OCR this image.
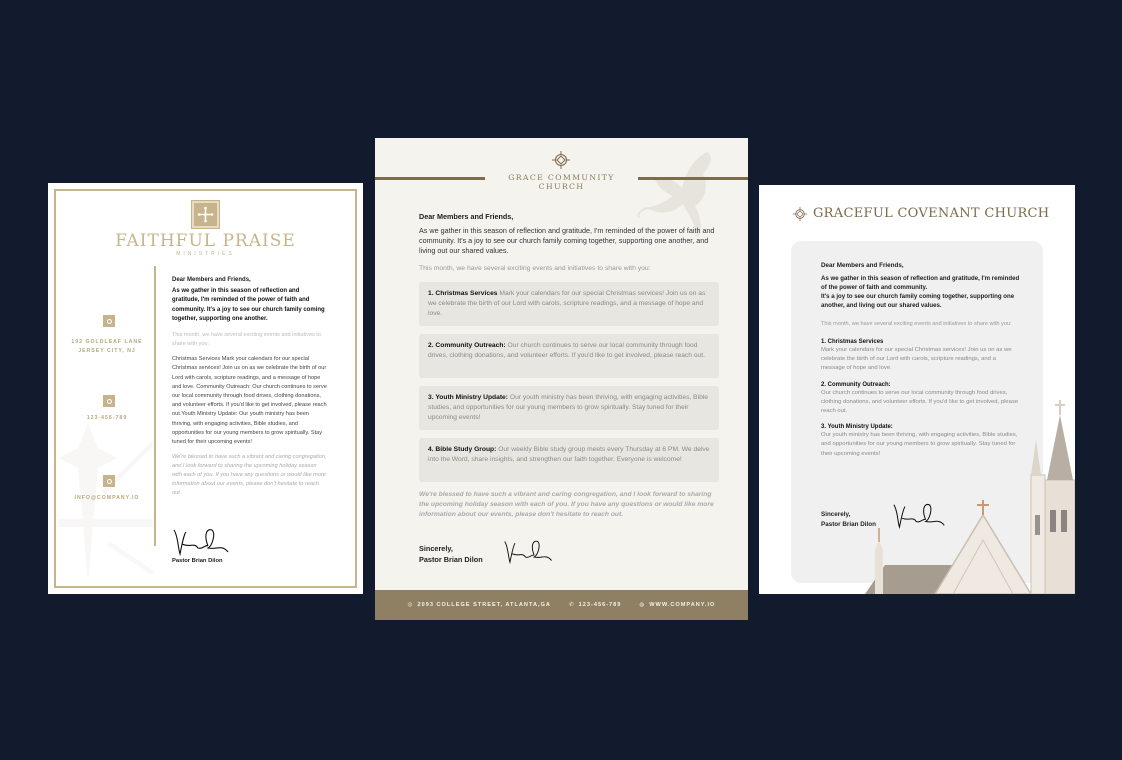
FAITHFUL PRAISE
MINISTRIES
192 GOLDLEAF LANE
JERSEY CITY, NJ
123-456-789
INFO@COMPANY.IO
Dear Members and Friends,
As we gather in this season of reflection and gratitude, I'm reminded of the power of faith and community. It's a joy to see our church family coming together, supporting one another.
This month, we have several exciting events and initiatives to share with you:
Christmas Services Mark your calendars for our special Christmas services! Join us on as we celebrate the birth of our Lord with carols, scripture readings, and a message of hope and love. Community Outreach: Our church continues to serve our local community through food drives, clothing donations, and volunteer efforts. If you'd like to get involved, please reach out.Youth Ministry Update: Our youth ministry has been thriving, with engaging activities, Bible studies, and opportunities for our young members to grow spiritually. Stay tuned for their upcoming events!
We're blessed to have such a vibrant and caring congregation, and I look forward to sharing the upcoming holiday season with each of you. If you have any questions or would like more information about our events, please don't hesitate to reach out.
Pastor Brian Dilon
GRACE COMMUNITY CHURCH
Dear Members and Friends,
As we gather in this season of reflection and gratitude, I'm reminded of the power of faith and community. It's a joy to see our church family coming together, supporting one another, and living out our shared values.
This month, we have several exciting events and initiatives to share with you:
1. Christmas Services Mark your calendars for our special Christmas services! Join us on as we celebrate the birth of our Lord with carols, scripture readings, and a message of hope and love.
2. Community Outreach: Our church continues to serve our local community through food drives, clothing donations, and volunteer efforts. If you'd like to get involved, please reach out.
3. Youth Ministry Update: Our youth ministry has been thriving, with engaging activities, Bible studies, and opportunities for our young members to grow spiritually. Stay tuned for their upcoming events!
4. Bible Study Group: Our weekly Bible study group meets every Thursday at 6 PM. We delve into the Word, share insights, and strengthen our faith together. Everyone is welcome!
We're blessed to have such a vibrant and caring congregation, and I look forward to sharing the upcoming holiday season with each of you. If you have any questions or would like more information about our events, please don't hesitate to reach out.
Sincerely,
Pastor Brian Dilon
◎ 2093 COLLEGE STREET, ATLANTA,GA	✆ 123-456-789	◍ WWW.COMPANY.IO
GRACEFUL COVENANT CHURCH
Dear Members and Friends,
As we gather in this season of reflection and gratitude, I'm reminded of the power of faith and community.
It's a joy to see our church family coming together, supporting one another, and living out our shared values.
This month, we have several exciting events and initiatives to share with you:
1. Christmas Services

Mark your calendars for our special Christmas services! Join us on as we celebrate the birth of our Lord with carols, scripture readings, and a message of hope and love.

2. Community Outreach:

Our church continues to serve our local community through food drives, clothing donations, and volunteer efforts. If you'd like to get involved, please reach out.

3. Youth Ministry Update:

Our youth ministry has been thriving, with engaging activities, Bible studies, and opportunities for our young members to grow spiritually. Stay tuned for their upcoming events!

Sincerely,
Pastor Brian Dilon
